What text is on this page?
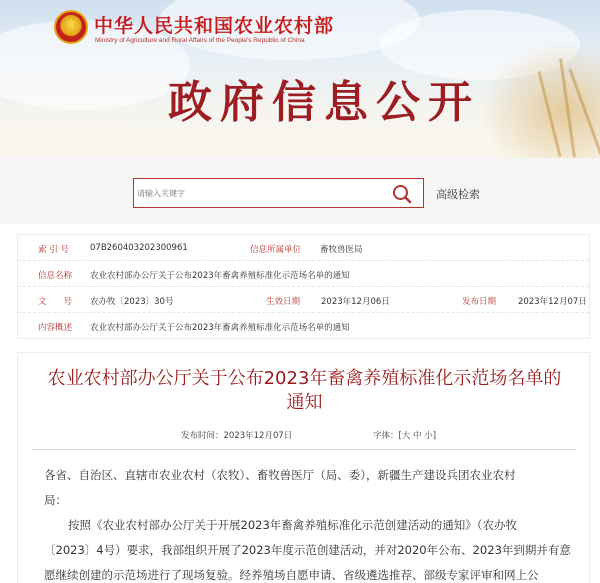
★
中华人民共和国农业农村部
Ministry of Agriculture and Rural Affairs of the People's Republic of China
政府信息公开
请输入关键字
高级检索
索 引 号 07B260403202300961	信息所属单位 畜牧兽医局
信息名称 农业农村部办公厅关于公布2023年畜禽养殖标准化示范场名单的通知
文　　号 农办牧〔2023〕30号	生效日期 2023年12月06日	发布日期	2023年12月07日
内容概述 农业农村部办公厅关于公布2023年畜禽养殖标准化示范场名单的通知
农业农村部办公厅关于公布2023年畜禽养殖标准化示范场名单的
通知
发布时间：2023年12月07日	字体：[大 中 小]
各省、自治区、直辖市农业农村（农牧）、畜牧兽医厅（局、委），新疆生产建设兵团农业农村
局：
按照《农业农村部办公厅关于开展2023年畜禽养殖标准化示范创建活动的通知》（农办牧
〔2023〕4号）要求，我部组织开展了2023年度示范创建活动，并对2020年公布、2023年到期并有意
愿继续创建的示范场进行了现场复验。经养殖场自愿申请、省级遴选推荐、部级专家评审和网上公
